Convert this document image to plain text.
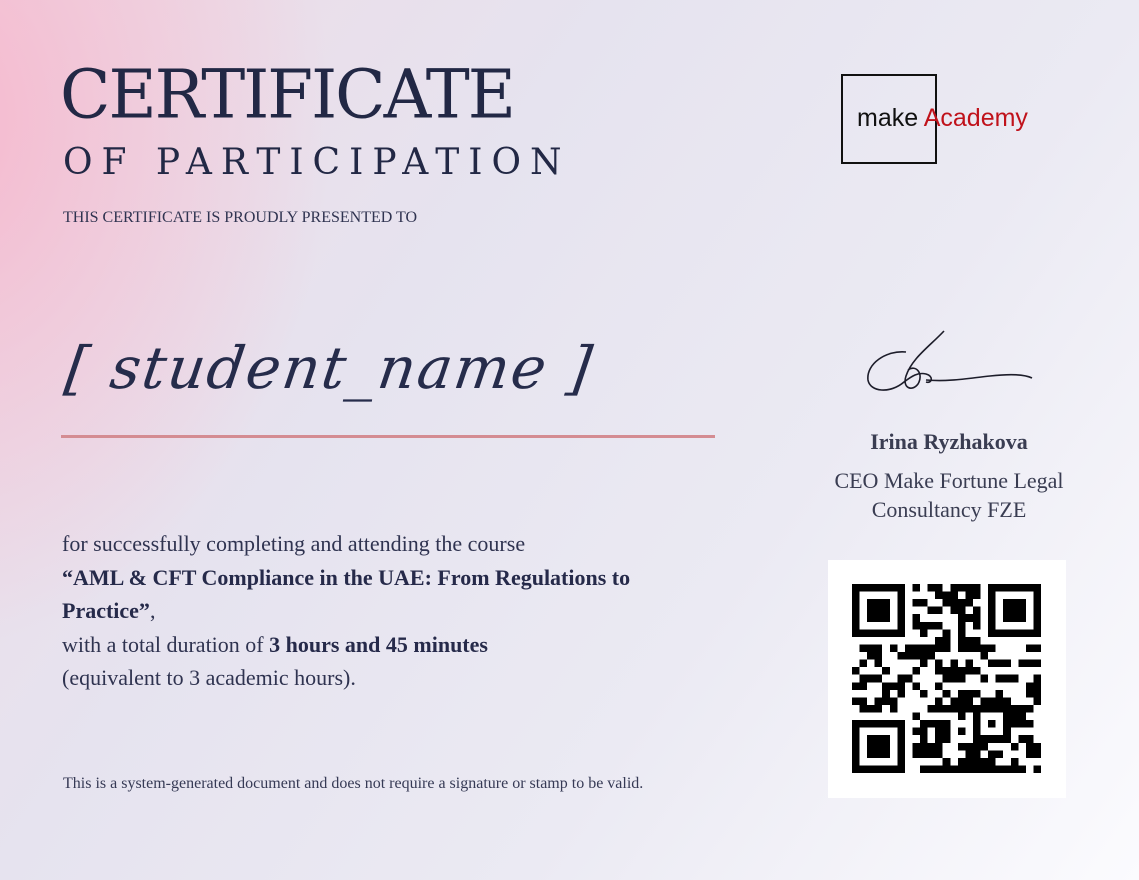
CERTIFICATE
OF PARTICIPATION
THIS CERTIFICATE IS PROUDLY PRESENTED TO
[ student_name ]
for successfully completing and attending the course
“AML & CFT Compliance in the UAE: From Regulations to Practice”,
with a total duration of 3 hours and 45 minutes
(equivalent to 3 academic hours).
This is a system-generated document and does not require a signature or stamp to be valid.
make Academy
Irina Ryzhakova
CEO Make Fortune Legal Consultancy FZE
